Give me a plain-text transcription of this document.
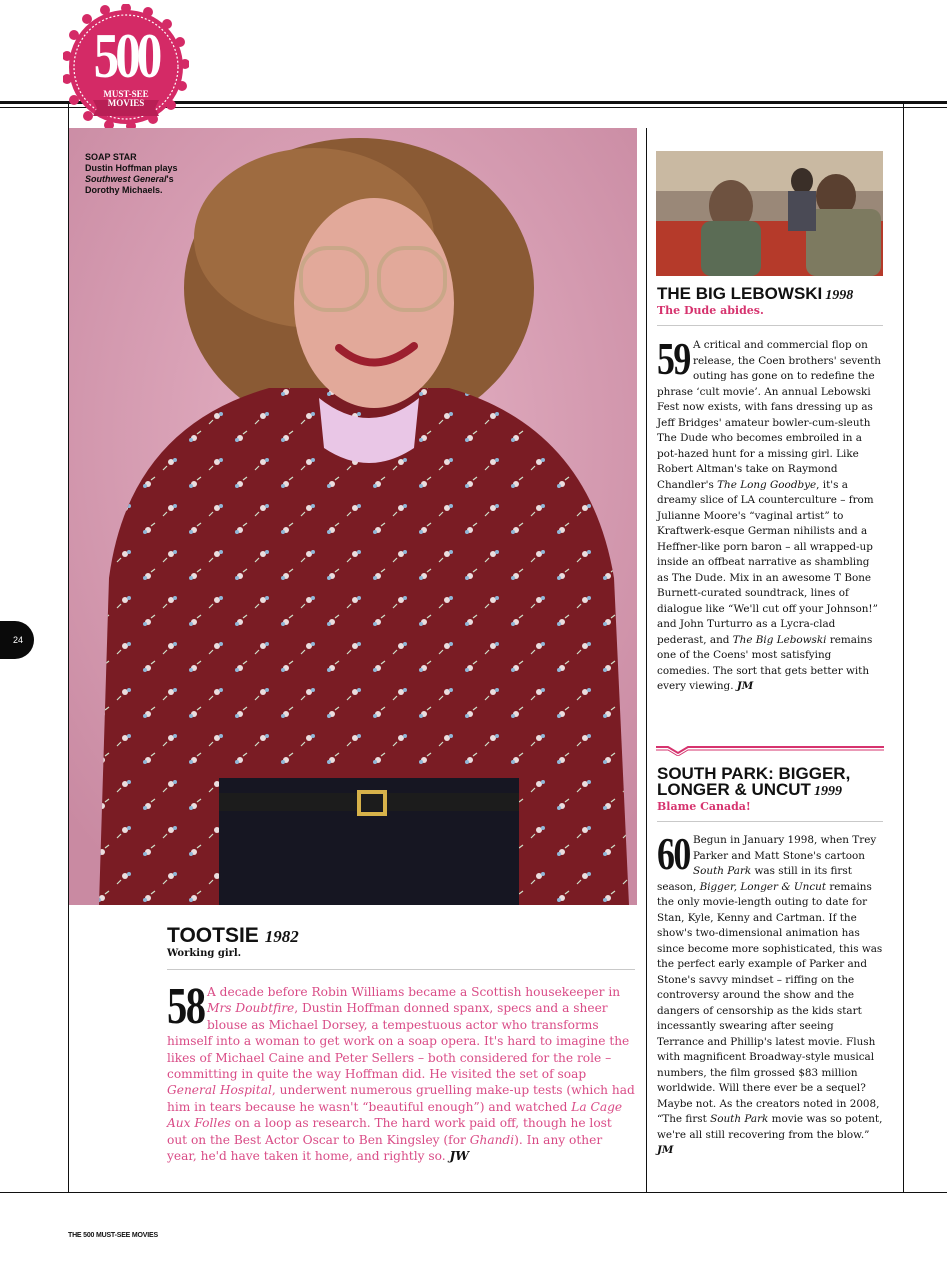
500
MUST-SEE
MOVIES
24
SOAP STAR
Dustin Hoffman plays
Southwest General's
Dorothy Michaels.
TOOTSIE 1982
Working girl.
58 A decade before Robin Williams became a Scottish housekeeper in Mrs Doubtfire, Dustin Hoffman donned spanx, specs and a sheer blouse as Michael Dorsey, a tempestuous actor who transforms himself into a woman to get work on a soap opera. It's hard to imagine the likes of Michael Caine and Peter Sellers – both considered for the role – committing in quite the way Hoffman did. He visited the set of soap General Hospital, underwent numerous gruelling make-up tests (which had him in tears because he wasn't “beautiful enough”) and watched La Cage Aux Folles on a loop as research. The hard work paid off, though he lost out on the Best Actor Oscar to Ben Kingsley (for Ghandi). In any other year, he'd have taken it home, and rightly so. JW
THE BIG LEBOWSKI 1998
The Dude abides.
59 A critical and commercial flop on release, the Coen brothers' seventh outing has gone on to redefine the phrase ‘cult movie’. An annual Lebowski Fest now exists, with fans dressing up as Jeff Bridges' amateur bowler-cum-sleuth The Dude who becomes embroiled in a pot-hazed hunt for a missing girl. Like Robert Altman's take on Raymond Chandler's The Long Goodbye, it's a dreamy slice of LA counterculture – from Julianne Moore's “vaginal artist” to Kraftwerk-esque German nihilists and a Heffner-like porn baron – all wrapped-up inside an offbeat narrative as shambling as The Dude. Mix in an awesome T Bone Burnett-curated soundtrack, lines of dialogue like “We'll cut off your Johnson!” and John Turturro as a Lycra-clad pederast, and The Big Lebowski remains one of the Coens' most satisfying comedies. The sort that gets better with every viewing. JM
SOUTH PARK: BIGGER,
LONGER & UNCUT 1999
Blame Canada!
60 Begun in January 1998, when Trey Parker and Matt Stone's cartoon South Park was still in its first season, Bigger, Longer & Uncut remains the only movie-length outing to date for Stan, Kyle, Kenny and Cartman. If the show's two-dimensional animation has since become more sophisticated, this was the perfect early example of Parker and Stone's savvy mindset – riffing on the controversy around the show and the dangers of censorship as the kids start incessantly swearing after seeing Terrance and Phillip's latest movie. Flush with magnificent Broadway-style musical numbers, the film grossed $83 million worldwide. Will there ever be a sequel? Maybe not. As the creators noted in 2008, “The first South Park movie was so potent, we're all still recovering from the blow.” JM
THE 500 MUST-SEE MOVIES
